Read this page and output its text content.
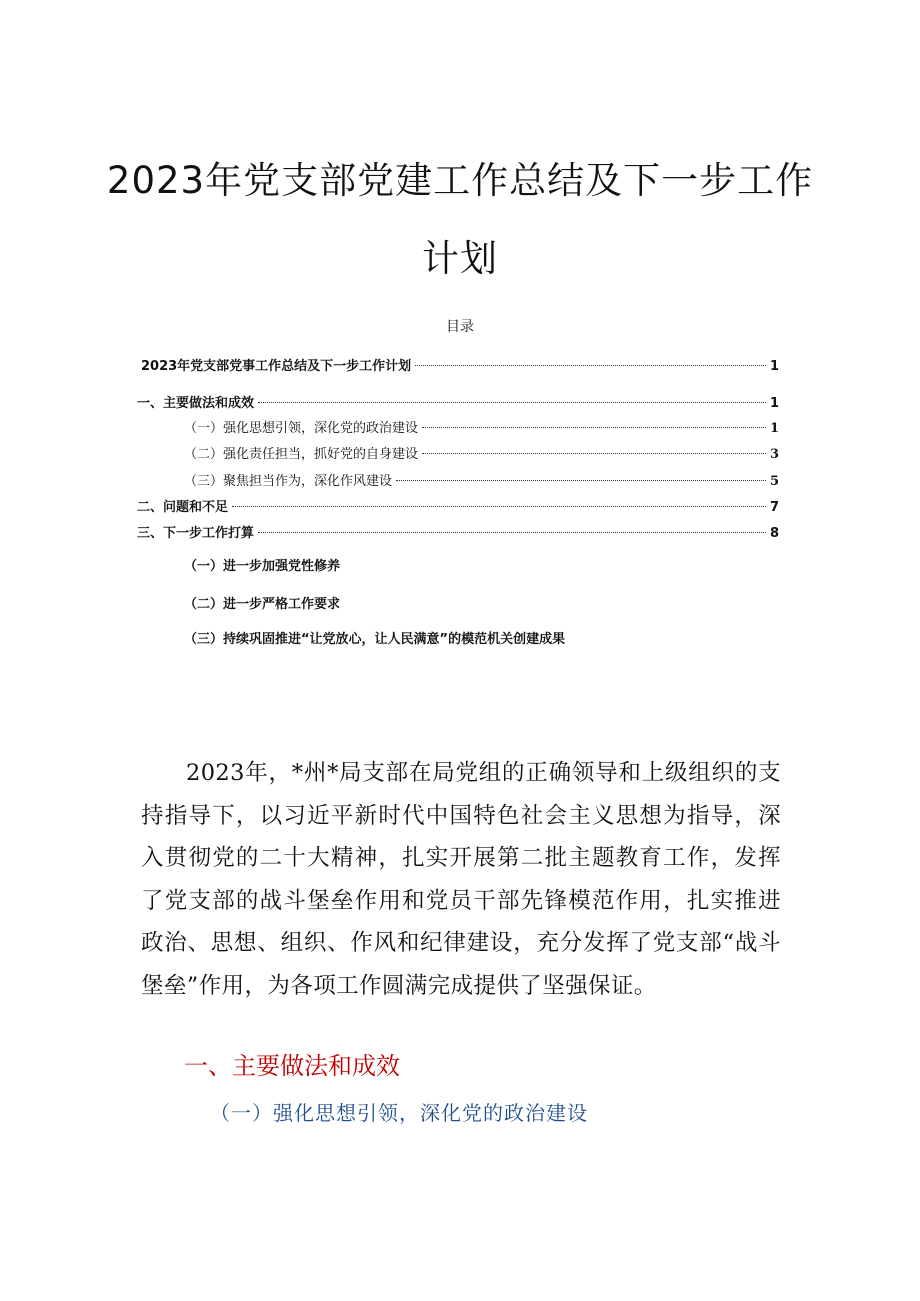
2023年党支部党建工作总结及下一步工作
计划
目录
2023年党支部党事工作总结及下一步工作计划	1
一、主要做法和成效	1
（一）强化思想引领，深化党的政治建设	1
（二）强化责任担当，抓好党的自身建设	3
（三）聚焦担当作为，深化作风建设	5
二、问题和不足	7
三、下一步工作打算	8
（一）进一步加强党性修养
（二）进一步严格工作要求
（三）持续巩固推进“让党放心，让人民满意”的模范机关创建成果
2023年，*州*局支部在局党组的正确领导和上级组织的支持指导下，以习近平新时代中国特色社会主义思想为指导，深入贯彻党的二十大精神，扎实开展第二批主题教育工作，发挥了党支部的战斗堡垒作用和党员干部先锋模范作用，扎实推进政治、思想、组织、作风和纪律建设，充分发挥了党支部“战斗堡垒”作用，为各项工作圆满完成提供了坚强保证。
一、主要做法和成效
（一）强化思想引领，深化党的政治建设
